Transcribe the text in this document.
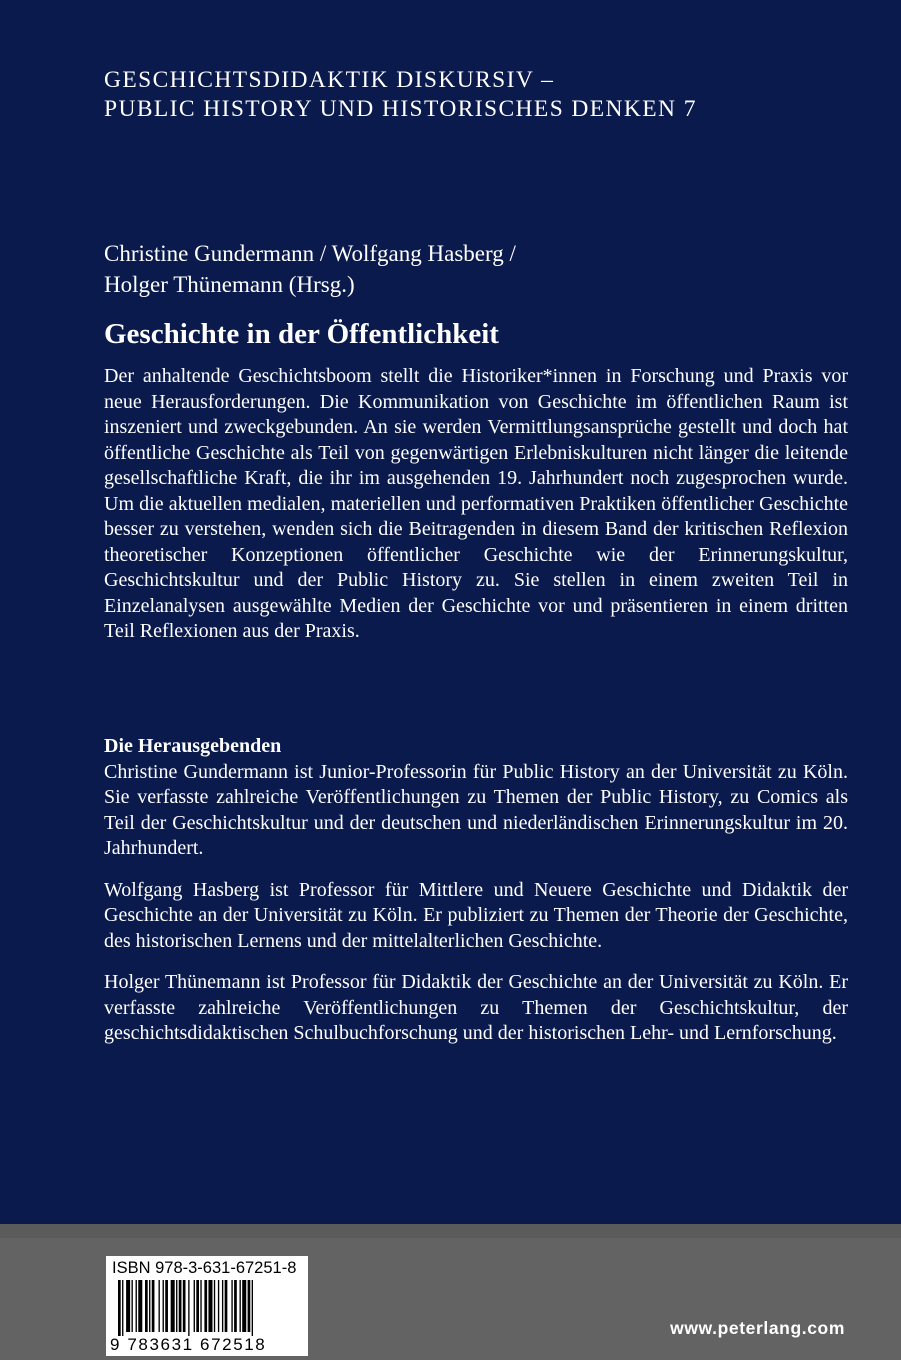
GESCHICHTSDIDAKTIK DISKURSIV –
PUBLIC HISTORY UND HISTORISCHES DENKEN 7
Christine Gundermann / Wolfgang Hasberg /
Holger Thünemann (Hrsg.)
Geschichte in der Öffentlichkeit

Der anhaltende Geschichtsboom stellt die Historiker*innen in Forschung und Praxis vor neue Herausforderungen. Die Kommunikation von Geschichte im öffentlichen Raum ist inszeniert und zweckgebunden. An sie werden Vermittlungsansprüche gestellt und doch hat öffentliche Geschichte als Teil von gegenwärtigen Erlebniskulturen nicht länger die leitende gesellschaftliche Kraft, die ihr im ausgehenden 19. Jahrhundert noch zugesprochen wurde. Um die aktuellen medialen, materiellen und performativen Praktiken öffentlicher Geschichte besser zu verstehen, wenden sich die Beitragenden in diesem Band der kritischen Reflexion theoretischer Konzeptionen öffentlicher Geschichte wie der Erinnerungskultur, Geschichtskultur und der Public History zu. Sie stellen in einem zweiten Teil in Einzelanalysen ausgewählte Medien der Geschichte vor und präsentieren in einem dritten Teil Reflexionen aus der Praxis.

Die Herausgebenden

Christine Gundermann ist Junior-Professorin für Public History an der Universität zu Köln. Sie verfasste zahlreiche Veröffentlichungen zu Themen der Public History, zu Comics als Teil der Geschichtskultur und der deutschen und niederländischen Erinnerungskultur im 20. Jahrhundert.

Wolfgang Hasberg ist Professor für Mittlere und Neuere Geschichte und Didaktik der Geschichte an der Universität zu Köln. Er publiziert zu Themen der Theorie der Geschichte, des historischen Lernens und der mittelalterlichen Geschichte.

Holger Thünemann ist Professor für Didaktik der Geschichte an der Universität zu Köln. Er verfasste zahlreiche Veröffentlichungen zu Themen der Geschichtskultur, der geschichtsdidaktischen Schulbuchforschung und der historischen Lehr- und Lernforschung.

ISBN 978-3-631-67251-8
9 783631 672518
www.peterlang.com
